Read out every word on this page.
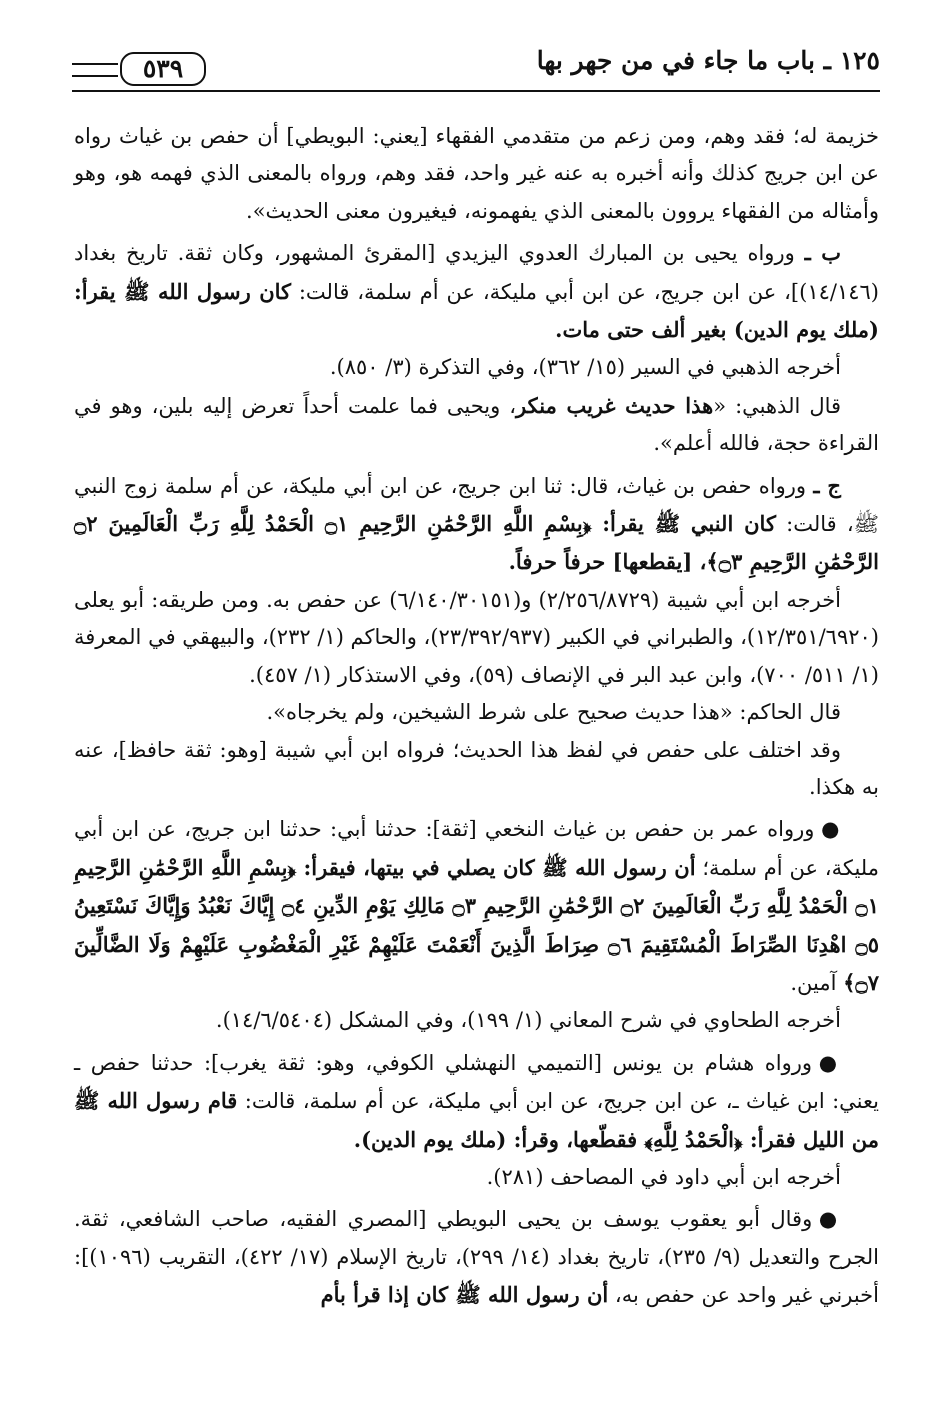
١٢٥ ـ باب ما جاء في من جهر بها
٥٣٩

خزيمة له؛ فقد وهم، ومن زعم من متقدمي الفقهاء [يعني: البويطي] أن حفص بن غياث رواه عن ابن جريج كذلك وأنه أخبره به عنه غير واحد، فقد وهم، ورواه بالمعنى الذي فهمه هو، وهو وأمثاله من الفقهاء يروون بالمعنى الذي يفهمونه، فيغيرون معنى الحديث».

ب ـ ورواه يحيى بن المبارك العدوي اليزيدي [المقرئ المشهور، وكان ثقة. تاريخ بغداد (١٤/١٤٦)]، عن ابن جريج، عن ابن أبي مليكة، عن أم سلمة، قالت: كان رسول الله ﷺ يقرأ: (ملك يوم الدين) بغير ألف حتى مات.

أخرجه الذهبي في السير (١٥/ ٣٦٢)، وفي التذكرة (٣/ ٨٥٠).

قال الذهبي: «هذا حديث غريب منكر، ويحيى فما علمت أحداً تعرض إليه بلين، وهو في القراءة حجة، فالله أعلم».

ج ـ ورواه حفص بن غياث، قال: ثنا ابن جريج، عن ابن أبي مليكة، عن أم سلمة زوج النبي ﷺ، قالت: كان النبي ﷺ يقرأ: ﴿بِسْمِ اللَّهِ الرَّحْمَٰنِ الرَّحِيمِ ۝١ الْحَمْدُ لِلَّهِ رَبِّ الْعَالَمِينَ ۝٢ الرَّحْمَٰنِ الرَّحِيمِ ۝٣﴾، [يقطعها] حرفاً حرفاً.

أخرجه ابن أبي شيبة (٢/٢٥٦/٨٧٢٩) و(٦/١٤٠/٣٠١٥١) عن حفص به. ومن طريقه: أبو يعلى (١٢/٣٥١/٦٩٢٠)، والطبراني في الكبير (٢٣/٣٩٢/٩٣٧)، والحاكم (١/ ٢٣٢)، والبيهقي في المعرفة (١/ ٥١١/ ٧٠٠)، وابن عبد البر في الإنصاف (٥٩)، وفي الاستذكار (١/ ٤٥٧).

قال الحاكم: «هذا حديث صحيح على شرط الشيخين، ولم يخرجاه».

وقد اختلف على حفص في لفظ هذا الحديث؛ فرواه ابن أبي شيبة [وهو: ثقة حافظ]، عنه به هكذا.

● ورواه عمر بن حفص بن غياث النخعي [ثقة]: حدثنا أبي: حدثنا ابن جريج، عن ابن أبي مليكة، عن أم سلمة؛ أن رسول الله ﷺ كان يصلي في بيتها، فيقرأ: ﴿بِسْمِ اللَّهِ الرَّحْمَٰنِ الرَّحِيمِ ۝١ الْحَمْدُ لِلَّهِ رَبِّ الْعَالَمِينَ ۝٢ الرَّحْمَٰنِ الرَّحِيمِ ۝٣ مَالِكِ يَوْمِ الدِّينِ ۝٤ إِيَّاكَ نَعْبُدُ وَإِيَّاكَ نَسْتَعِينُ ۝٥ اهْدِنَا الصِّرَاطَ الْمُسْتَقِيمَ ۝٦ صِرَاطَ الَّذِينَ أَنْعَمْتَ عَلَيْهِمْ غَيْرِ الْمَغْضُوبِ عَلَيْهِمْ وَلَا الضَّالِّينَ ۝٧﴾ آمين.

أخرجه الطحاوي في شرح المعاني (١/ ١٩٩)، وفي المشكل (١٤/٦/٥٤٠٤).

● ورواه هشام بن يونس [التميمي النهشلي الكوفي، وهو: ثقة يغرب]: حدثنا حفص ـ يعني: ابن غياث ـ، عن ابن جريج، عن ابن أبي مليكة، عن أم سلمة، قالت: قام رسول الله ﷺ من الليل فقرأ: ﴿الْحَمْدُ لِلَّهِ﴾ فقطّعها، وقرأ: (ملك يوم الدين).

أخرجه ابن أبي داود في المصاحف (٢٨١).

● وقال أبو يعقوب يوسف بن يحيى البويطي [المصري الفقيه، صاحب الشافعي، ثقة. الجرح والتعديل (٩/ ٢٣٥)، تاريخ بغداد (١٤/ ٢٩٩)، تاريخ الإسلام (١٧/ ٤٢٢)، التقريب (١٠٩٦)]: أخبرني غير واحد عن حفص به، أن رسول الله ﷺ كان إذا قرأ بأم
